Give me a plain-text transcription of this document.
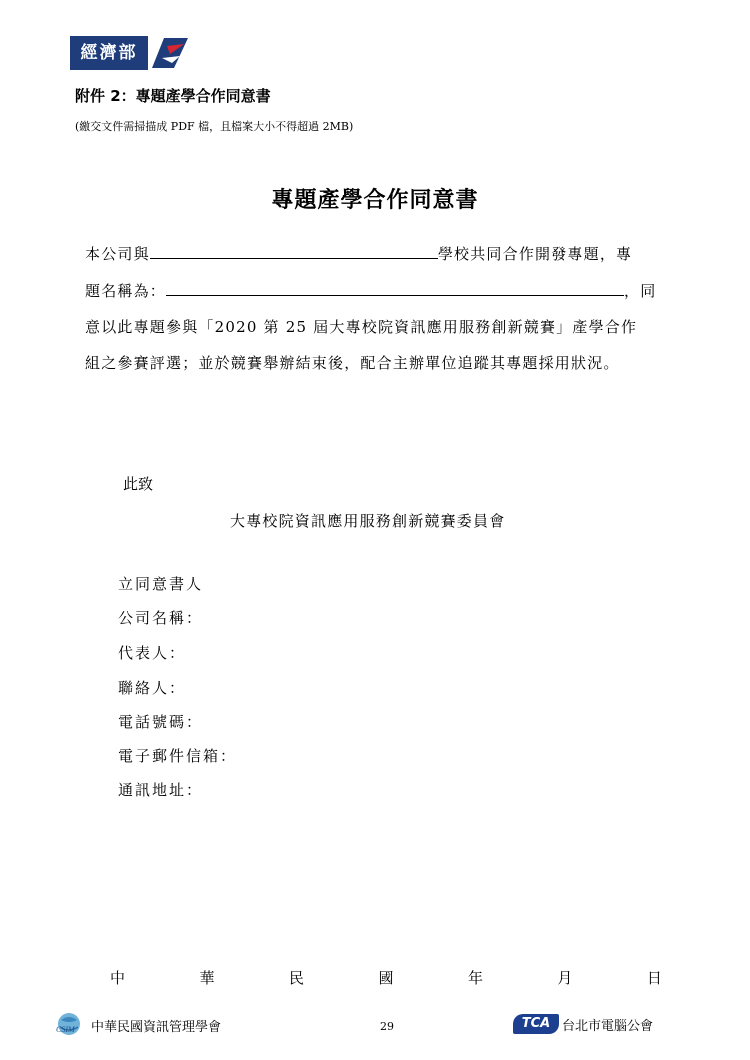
經濟部
附件 2：專題產學合作同意書
(繳交文件需掃描成 PDF 檔，且檔案大小不得超過 2MB)
專題產學合作同意書
本公司與	學校共同合作開發專題，專
題名稱為：	，同
意以此專題參與「2020 第 25 屆大專校院資訊應用服務創新競賽」產學合作
組之參賽評選；並於競賽舉辦結束後，配合主辦單位追蹤其專題採用狀況。
此致
大專校院資訊應用服務創新競賽委員會
立同意書人
公司名稱：
代表人：
聯絡人：
電話號碼：
電子郵件信箱：
通訊地址：
中	華	民	國	年	月	日
CSIM 中華民國資訊管理學會	29	TCA 台北市電腦公會
